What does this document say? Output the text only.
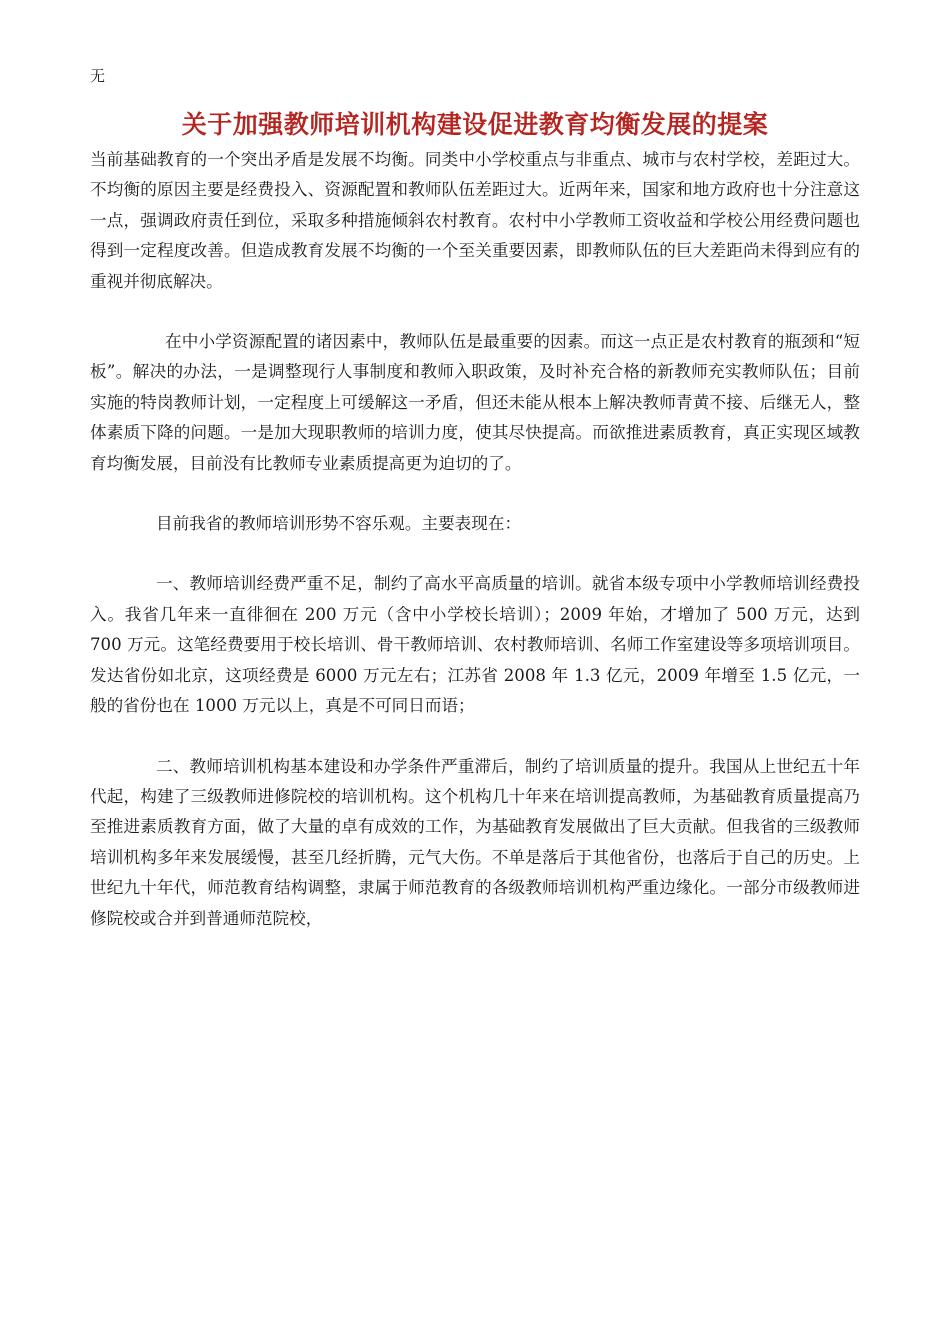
无
关于加强教师培训机构建设促进教育均衡发展的提案

当前基础教育的一个突出矛盾是发展不均衡。同类中小学校重点与非重点、城市与农村学校，差距过大。不均衡的原因主要是经费投入、资源配置和教师队伍差距过大。近两年来，国家和地方政府也十分注意这一点，强调政府责任到位，采取多种措施倾斜农村教育。农村中小学教师工资收益和学校公用经费问题也得到一定程度改善。但造成教育发展不均衡的一个至关重要因素，即教师队伍的巨大差距尚未得到应有的重视并彻底解决。

在中小学资源配置的诸因素中，教师队伍是最重要的因素。而这一点正是农村教育的瓶颈和“短板”。解决的办法，一是调整现行人事制度和教师入职政策，及时补充合格的新教师充实教师队伍；目前实施的特岗教师计划，一定程度上可缓解这一矛盾，但还未能从根本上解决教师青黄不接、后继无人，整体素质下降的问题。一是加大现职教师的培训力度，使其尽快提高。而欲推进素质教育，真正实现区域教育均衡发展，目前没有比教师专业素质提高更为迫切的了。

目前我省的教师培训形势不容乐观。主要表现在：

一、教师培训经费严重不足，制约了高水平高质量的培训。就省本级专项中小学教师培训经费投入。我省几年来一直徘徊在 200 万元（含中小学校长培训）；2009 年始，才增加了 500 万元，达到 700 万元。这笔经费要用于校长培训、骨干教师培训、农村教师培训、名师工作室建设等多项培训项目。发达省份如北京，这项经费是 6000 万元左右；江苏省 2008 年 1.3 亿元，2009 年增至 1.5 亿元，一般的省份也在 1000 万元以上，真是不可同日而语；

二、教师培训机构基本建设和办学条件严重滞后，制约了培训质量的提升。我国从上世纪五十年代起，构建了三级教师进修院校的培训机构。这个机构几十年来在培训提高教师，为基础教育质量提高乃至推进素质教育方面，做了大量的卓有成效的工作，为基础教育发展做出了巨大贡献。但我省的三级教师培训机构多年来发展缓慢，甚至几经折腾，元气大伤。不单是落后于其他省份，也落后于自己的历史。上世纪九十年代，师范教育结构调整，隶属于师范教育的各级教师培训机构严重边缘化。一部分市级教师进修院校或合并到普通师范院校，
